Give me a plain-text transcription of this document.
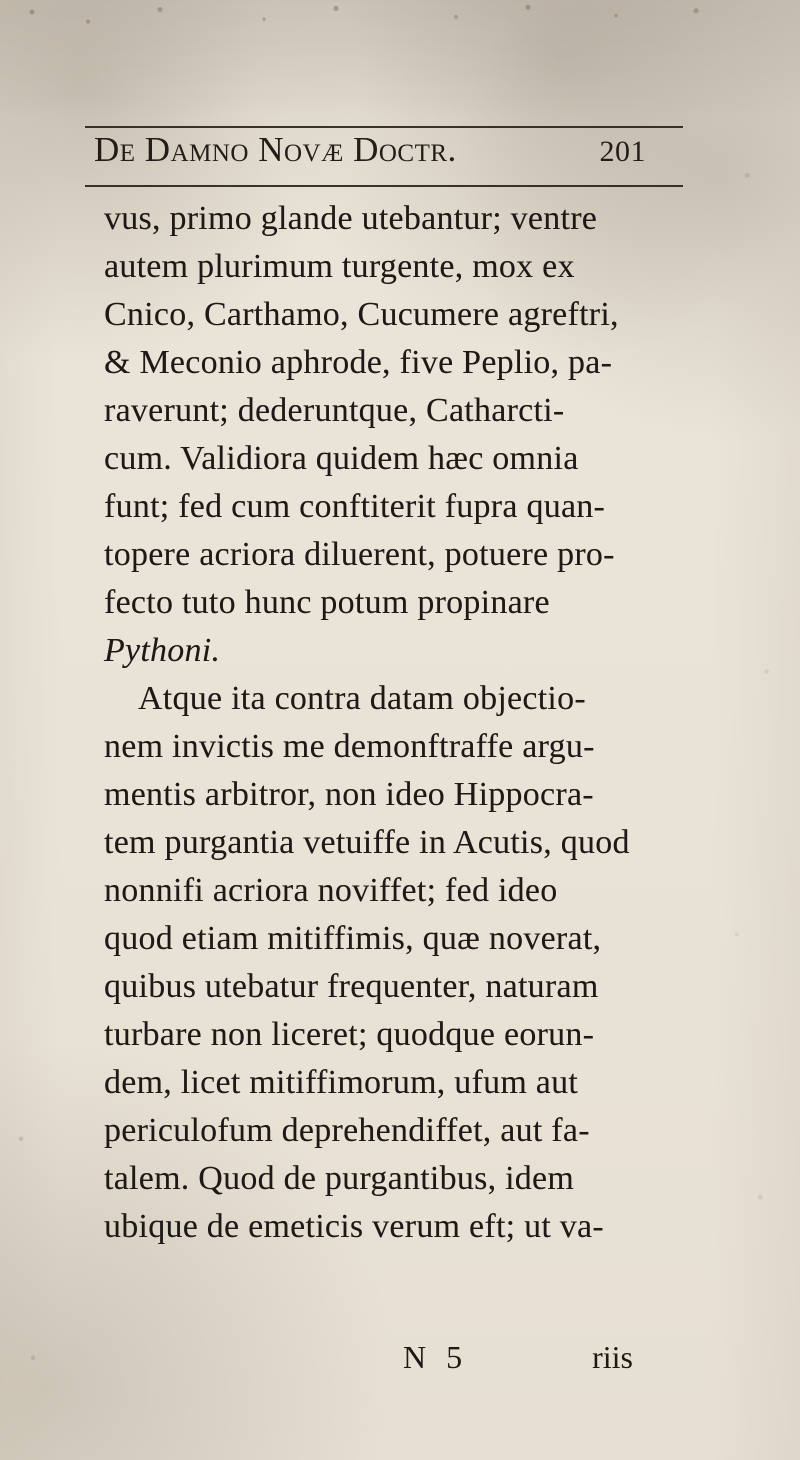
De Damno Novæ Doctr.	201
vus, primo glande utebantur; ventre
autem plurimum turgente, mox ex
Cnico, Carthamo, Cucumere agreftri,
& Meconio aphrode, five Peplio, pa-
raverunt; dederuntque, Catharcti-
cum. Validiora quidem hæc omnia
funt; fed cum conftiterit fupra quan-
topere acriora diluerent, potuere pro-
fecto tuto hunc potum propinare
Pythoni.
Atque ita contra datam objectio-
nem invictis me demonftraffe argu-
mentis arbitror, non ideo Hippocra-
tem purgantia vetuiffe in Acutis, quod
nonnifi acriora noviffet; fed ideo
quod etiam mitiffimis, quæ noverat,
quibus utebatur frequenter, naturam
turbare non liceret; quodque eorun-
dem, licet mitiffimorum, ufum aut
periculofum deprehendiffet, aut fa-
talem. Quod de purgantibus, idem
ubique de emeticis verum eft; ut va-
N 5	riis
